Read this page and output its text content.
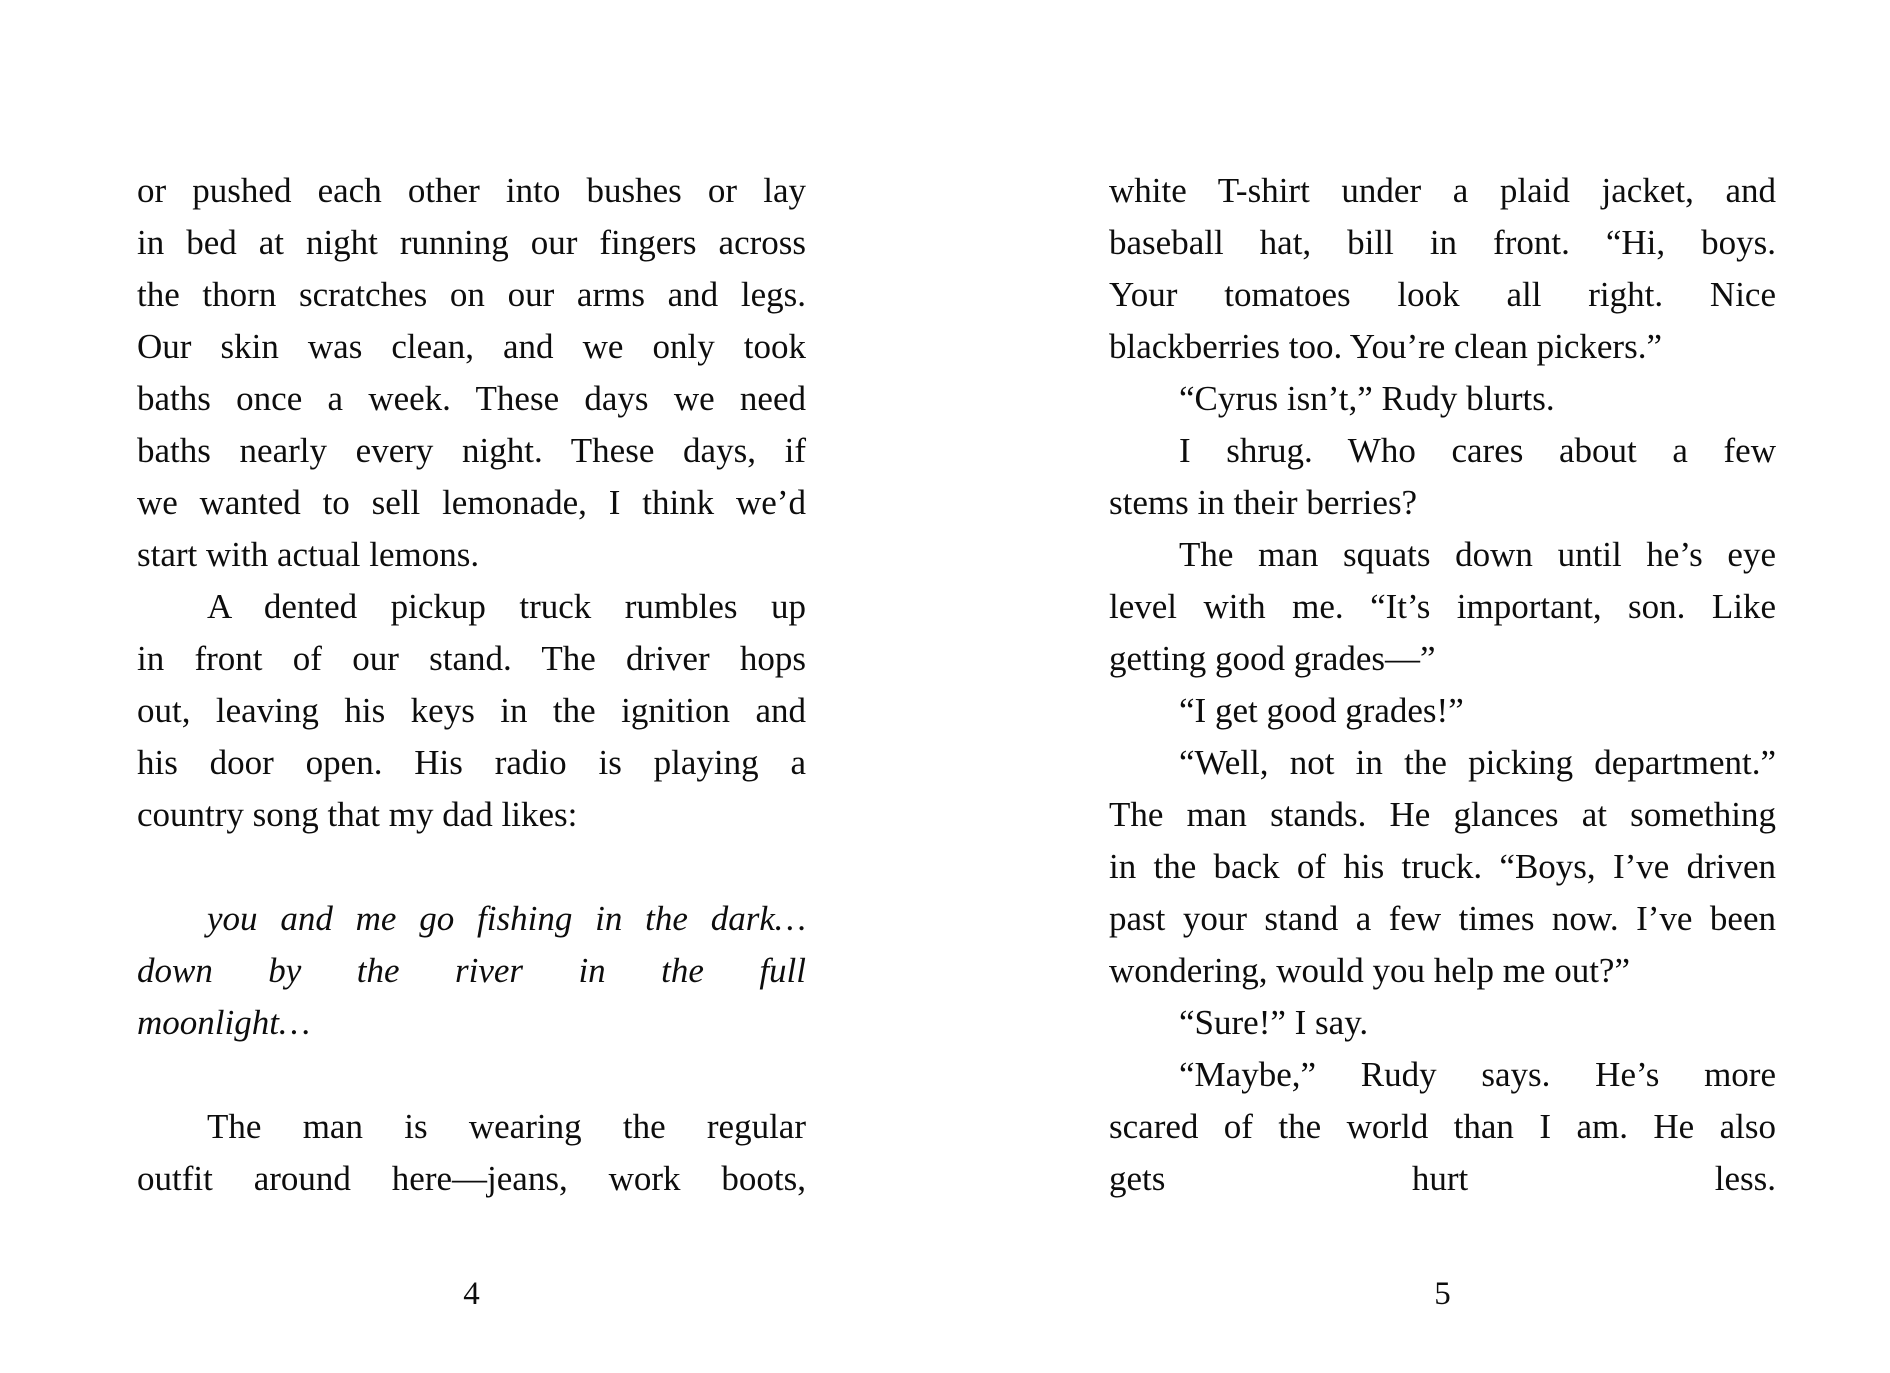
or pushed each other into bushes or lay
in bed at night running our fingers across
the thorn scratches on our arms and legs.
Our skin was clean, and we only took
baths once a week. These days we need
baths nearly every night. These days, if
we wanted to sell lemonade, I think we’d
start with actual lemons.
A dented pickup truck rumbles up
in front of our stand. The driver hops
out, leaving his keys in the ignition and
his door open. His radio is playing a
country song that my dad likes:
you and me go fishing in the dark…
down by the river in the full
moonlight…
The man is wearing the regular
outfit around here—jeans, work boots,
white T-shirt under a plaid jacket, and
baseball hat, bill in front. “Hi, boys.
Your tomatoes look all right. Nice
blackberries too. You’re clean pickers.”
“Cyrus isn’t,” Rudy blurts.
I shrug. Who cares about a few
stems in their berries?
The man squats down until he’s eye
level with me. “It’s important, son. Like
getting good grades—”
“I get good grades!”
“Well, not in the picking department.”
The man stands. He glances at something
in the back of his truck. “Boys, I’ve driven
past your stand a few times now. I’ve been
wondering, would you help me out?”
“Sure!” I say.
“Maybe,” Rudy says. He’s more
scared of the world than I am. He also
gets hurt less.
4	5
